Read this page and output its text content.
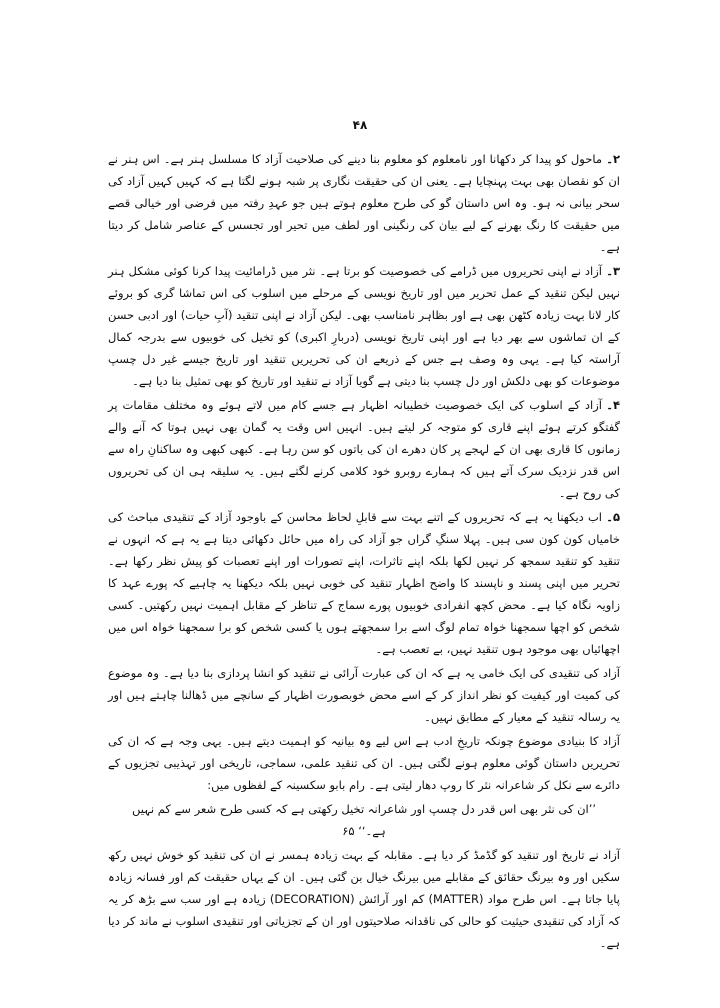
۴۸

۲۔ماحول کو پیدا کر دکھانا اور نامعلوم کو معلوم بنا دینے کی صلاحیت آزاد کا مسلسل ہنر ہے۔ اس ہنر نے ان کو نقصان بھی بہت پہنچایا ہے۔ یعنی ان کی حقیقت نگاری پر شبہ ہونے لگتا ہے کہ کہیں کہیں آزاد کی سحر بیانی نہ ہو۔ وہ اس داستان گو کی طرح معلوم ہوتے ہیں جو عہدِ رفتہ میں فرضی اور خیالی قصے میں حقیقت کا رنگ بھرنے کے لیے بیان کی رنگینی اور لطف میں تحیر اور تجسس کے عناصر شامل کر دیتا ہے۔

۳۔آزاد نے اپنی تحریروں میں ڈرامے کی خصوصیت کو برتا ہے۔ نثر میں ڈرامائیت پیدا کرنا کوئی مشکل ہنر نہیں لیکن تنقید کے عمل تحریر میں اور تاریخ نویسی کے مرحلے میں اسلوب کی اس تماشا گری کو بروئے کار لانا بہت زیادہ کٹھن بھی ہے اور بظاہر نامناسب بھی۔ لیکن آزاد نے اپنی تنقید (آبِ حیات) اور ادبی حسن کے ان تماشوں سے بھر دیا ہے اور اپنی تاریخ نویسی (دربارِ اکبری) کو تخیل کی خوبیوں سے بدرجہ کمال آراستہ کیا ہے۔ یہی وہ وصف ہے جس کے ذریعے ان کی تحریریں تنقید اور تاریخ جیسے غیر دل چسپ موضوعات کو بھی دلکش اور دل چسپ بنا دیتی ہے گویا آزاد نے تنقید اور تاریخ کو بھی تمثیل بنا دیا ہے۔

۴۔آزاد کے اسلوب کی ایک خصوصیت خطیبانہ اظہار ہے جسے کام میں لاتے ہوئے وہ مختلف مقامات پر گفتگو کرتے ہوئے اپنے قاری کو متوجہ کر لیتے ہیں۔ انہیں اس وقت یہ گمان بھی نہیں ہوتا کہ آنے والے زمانوں کا قاری بھی ان کے لہجے پر کان دھرے ان کی باتوں کو سن رہا ہے۔ کبھی کبھی وہ ساکنانِ راہ سے اس قدر نزدیک سرک آتے ہیں کہ ہمارے روبرو خود کلامی کرنے لگتے ہیں۔ یہ سلیقہ ہی ان کی تحریروں کی روح ہے۔

۵۔اب دیکھنا یہ ہے کہ تحریروں کے اتنے بہت سے قابلِ لحاظ محاسن کے باوجود آزاد کے تنقیدی مباحث کی خامیاں کون کون سی ہیں۔ پہلا سنگِ گراں جو آزاد کی راہ میں حائل دکھائی دیتا ہے یہ ہے کہ انہوں نے تنقید کو تنقید سمجھ کر نہیں لکھا بلکہ اپنے تاثرات، اپنے تصورات اور اپنے تعصبات کو پیش نظر رکھا ہے۔ تحریر میں اپنی پسند و ناپسند کا واضح اظہار تنقید کی خوبی نہیں بلکہ دیکھنا یہ چاہیے کہ پورے عہد کا زاویہ نگاہ کیا ہے۔ محض کچھ انفرادی خوبیوں پورے سماج کے تناظر کے مقابل اہمیت نہیں رکھتیں۔ کسی شخص کو اچھا سمجھنا خواہ تمام لوگ اسے برا سمجھتے ہوں یا کسی شخص کو برا سمجھنا خواہ اس میں اچھائیاں بھی موجود ہوں تنقید نہیں، بے تعصب ہے۔

آزاد کی تنقیدی کی ایک خامی یہ ہے کہ ان کی عبارت آرائی نے تنقید کو انشا پردازی بنا دیا ہے۔ وہ موضوع کی کمیت اور کیفیت کو نظر انداز کر کے اسے محض خوبصورت اظہار کے سانچے میں ڈھالنا چاہتے ہیں اور یہ رسالہ تنقید کے معیار کے مطابق نہیں۔

آزاد کا بنیادی موضوع چونکہ تاریخِ ادب ہے اس لیے وہ بیانیہ کو اہمیت دیتے ہیں۔ یہی وجہ ہے کہ ان کی تحریریں داستان گوئی معلوم ہونے لگتی ہیں۔ ان کی تنقید علمی، سماجی، تاریخی اور تہذیبی تجزیوں کے دائرے سے نکل کر شاعرانہ نثر کا روپ دھار لیتی ہے۔ رام بابو سکسینہ کے لفظوں میں:

’’ان کی نثر بھی اس قدر دل چسپ اور شاعرانہ تخیل رکھتی ہے کہ کسی طرح شعر سے کم نہیں ہے۔‘‘ ۶۵

آزاد نے تاریخ اور تنقید کو گڈمڈ کر دیا ہے۔ مقابلہ کے بہت زیادہ ہمسر نے ان کی تنقید کو خوش نہیں رکھ سکیں اور وہ بیرنگ حقائق کے مقابلے میں بیرنگ خیال بن گئی ہیں۔ ان کے یہاں حقیقت کم اور فسانہ زیادہ پایا جاتا ہے۔ اس طرح مواد (MATTER) کم اور آرائش (DECORATION) زیادہ ہے اور سب سے بڑھ کر یہ کہ آزاد کی تنقیدی حیثیت کو حالی کی ناقدانہ صلاحیتوں اور ان کے تجزیاتی اور تنقیدی اسلوب نے ماند کر دیا ہے۔
